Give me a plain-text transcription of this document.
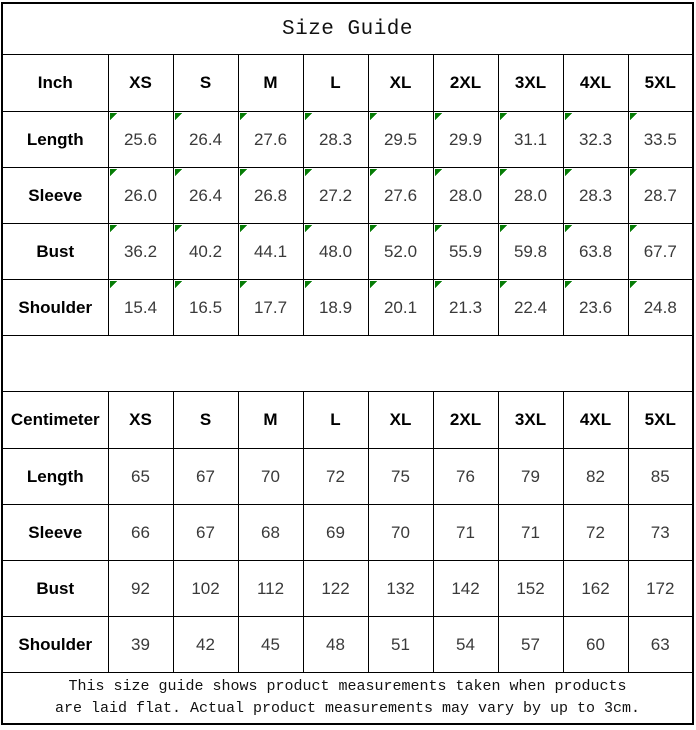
Size Guide									
Inch	XS	S	M	L	XL	2XL	3XL	4XL	5XL
Length	25.6	26.4	27.6	28.3	29.5	29.9	31.1	32.3	33.5
Sleeve	26.0	26.4	26.8	27.2	27.6	28.0	28.0	28.3	28.7
Bust	36.2	40.2	44.1	48.0	52.0	55.9	59.8	63.8	67.7
Shoulder	15.4	16.5	17.7	18.9	20.1	21.3	22.4	23.6	24.8

Centimeter	XS	S	M	L	XL	2XL	3XL	4XL	5XL
Length	65	67	70	72	75	76	79	82	85
Sleeve	66	67	68	69	70	71	71	72	73
Bust	92	102	112	122	132	142	152	162	172
Shoulder	39	42	45	48	51	54	57	60	63

This size guide shows product measurements taken when products
are laid flat. Actual product measurements may vary by up to 3cm.									
